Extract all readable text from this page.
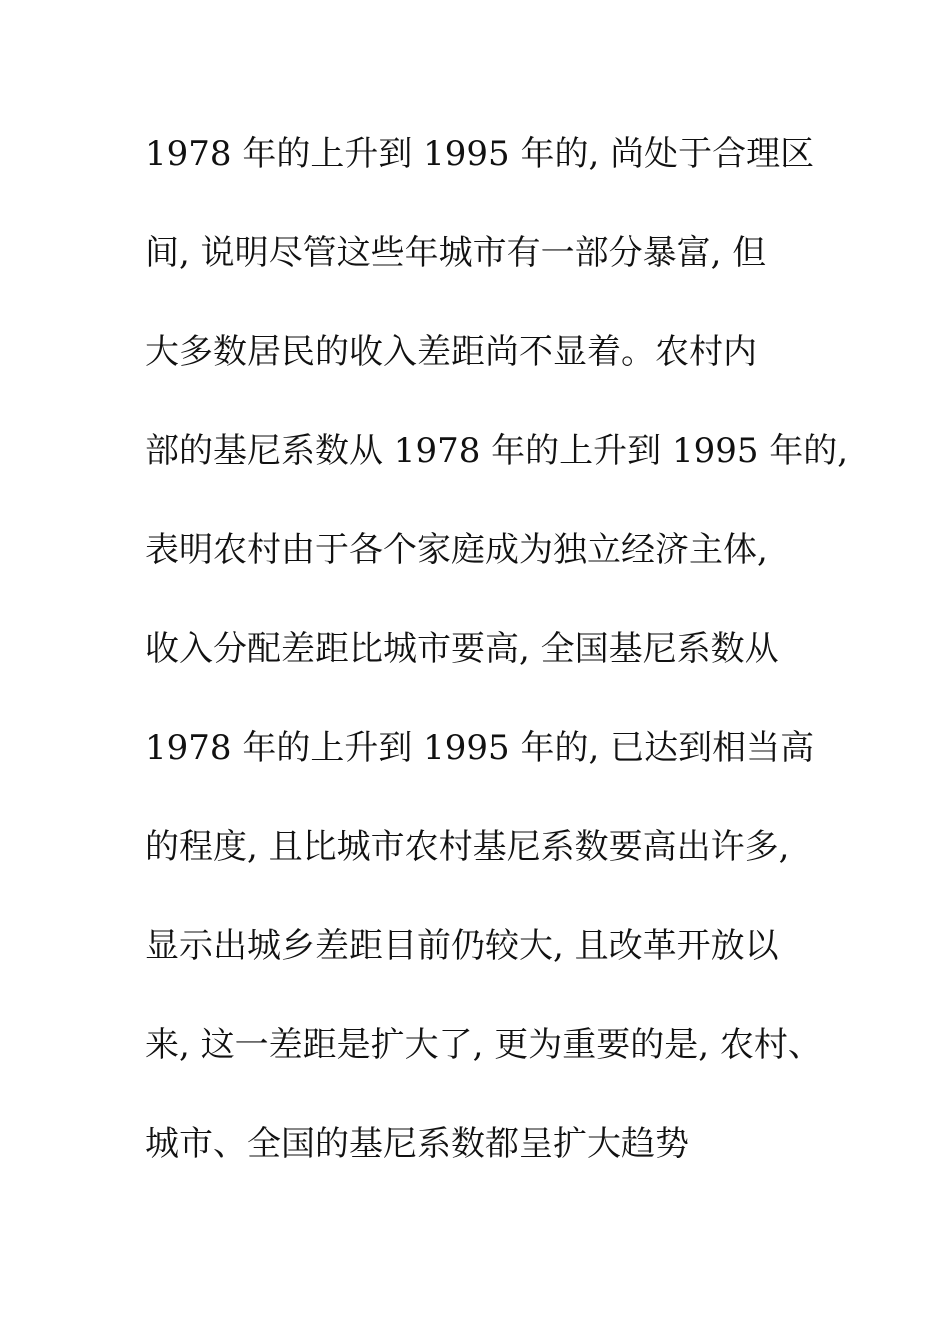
1978 年的上升到 1995 年的, 尚处于合理区
间, 说明尽管这些年城市有一部分暴富, 但
大多数居民的收入差距尚不显着。农村内
部的基尼系数从 1978 年的上升到 1995 年的,
表明农村由于各个家庭成为独立经济主体,
收入分配差距比城市要高, 全国基尼系数从
1978 年的上升到 1995 年的, 已达到相当高
的程度, 且比城市农村基尼系数要高出许多,
显示出城乡差距目前仍较大, 且改革开放以
来, 这一差距是扩大了, 更为重要的是, 农村、
城市、全国的基尼系数都呈扩大趋势
